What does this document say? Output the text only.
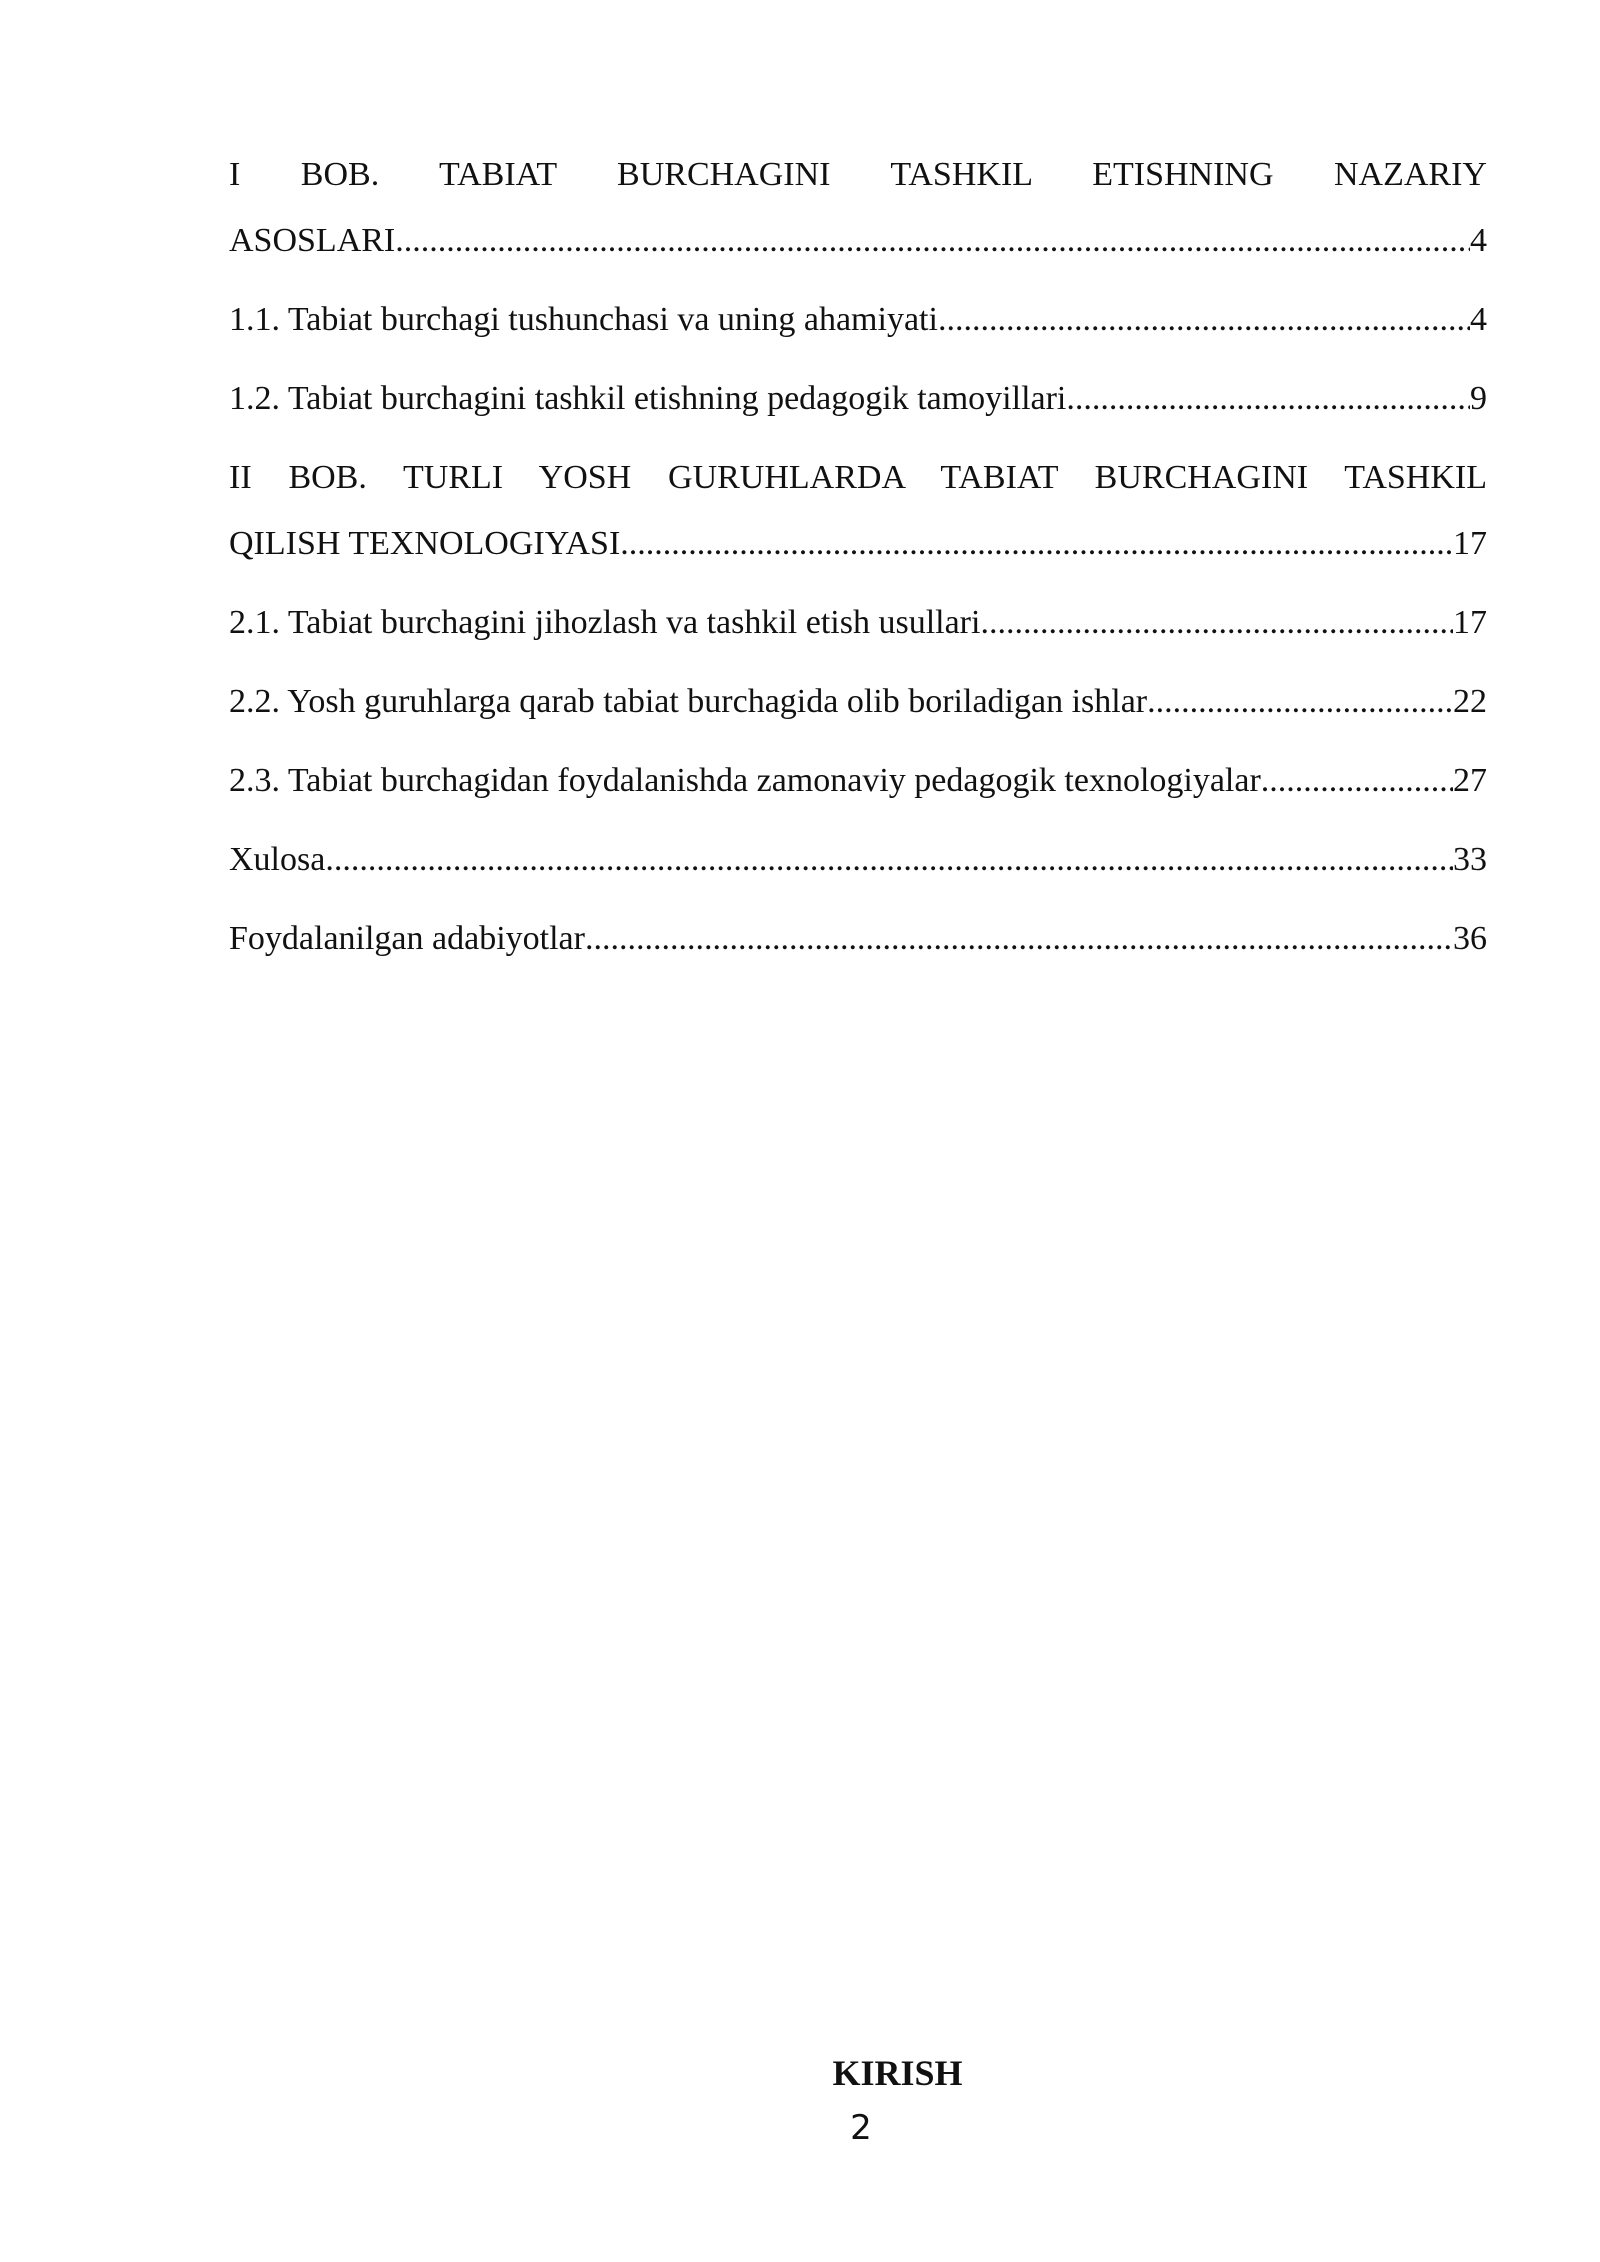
I BOB. TABIAT BURCHAGINI TASHKIL ETISHNING NAZARIY
ASOSLARI .....	4
1.1. Tabiat burchagi tushunchasi va uning ahamiyati .....	4
1.2. Tabiat burchagini tashkil etishning pedagogik tamoyillari .....	9
II BOB. TURLI YOSH GURUHLARDA TABIAT BURCHAGINI TASHKIL
QILISH TEXNOLOGIYASI .....	17
2.1. Tabiat burchagini jihozlash va tashkil etish usullari .....	17
2.2. Yosh guruhlarga qarab tabiat burchagida olib boriladigan ishlar .....	22
2.3. Tabiat burchagidan foydalanishda zamonaviy pedagogik texnologiyalar .....	27
Xulosa .....	33
Foydalanilgan adabiyotlar .....	36
KIRISH
2
